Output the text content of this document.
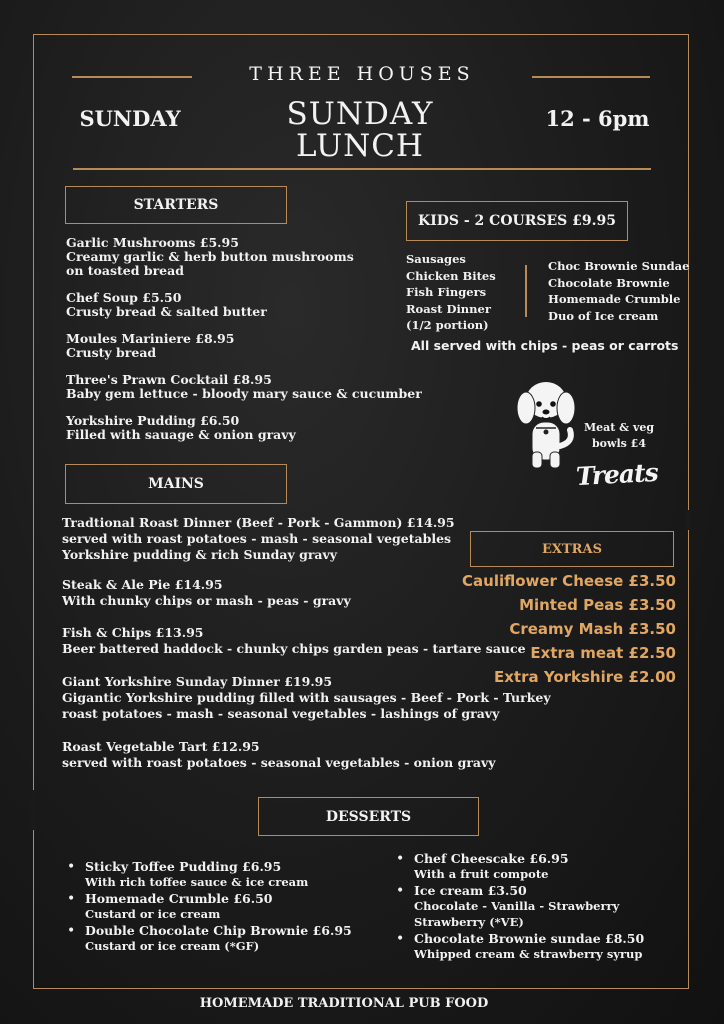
THREE HOUSES
SUNDAY	SUNDAY
LUNCH
12 - 6pm
STARTERS
Garlic Mushrooms £5.95
Creamy garlic & herb button mushrooms
on toasted bread
Chef Soup £5.50
Crusty bread & salted butter
Moules Mariniere £8.95
Crusty bread
Three's Prawn Cocktail £8.95
Baby gem lettuce - bloody mary sauce & cucumber
Yorkshire Pudding £6.50
Filled with sauage & onion gravy
KIDS - 2 COURSES £9.95
Sausages
Chicken Bites
Fish Fingers
Roast Dinner
(1/2 portion)
Choc Brownie Sundae
Chocolate Brownie
Homemade Crumble
Duo of Ice cream
All served with chips - peas or carrots
Meat & veg
bowls £4
Treats
MAINS
Tradtional Roast Dinner (Beef - Pork - Gammon) £14.95
served with roast potatoes - mash - seasonal vegetables
Yorkshire pudding & rich Sunday gravy
Steak & Ale Pie £14.95
With chunky chips or mash - peas - gravy
Fish & Chips £13.95
Beer battered haddock - chunky chips garden peas - tartare sauce
Giant Yorkshire Sunday Dinner £19.95
Gigantic Yorkshire pudding filled with sausages - Beef - Pork - Turkey
roast potatoes - mash - seasonal vegetables - lashings of gravy
Roast Vegetable Tart £12.95
served with roast potatoes - seasonal vegetables - onion gravy
EXTRAS
Cauliflower Cheese £3.50
Minted Peas £3.50
Creamy Mash £3.50
Extra meat £2.50
Extra Yorkshire £2.00
DESSERTS
• Sticky Toffee Pudding £6.95
With rich toffee sauce & ice cream
• Homemade Crumble £6.50
Custard or ice cream
• Double Chocolate Chip Brownie £6.95
Custard or ice cream (*GF)
• Chef Cheescake £6.95
With a fruit compote
• Ice cream £3.50
Chocolate - Vanilla - Strawberry
Strawberry (*VE)
• Chocolate Brownie sundae £8.50
Whipped cream & strawberry syrup
HOMEMADE TRADITIONAL PUB FOOD
